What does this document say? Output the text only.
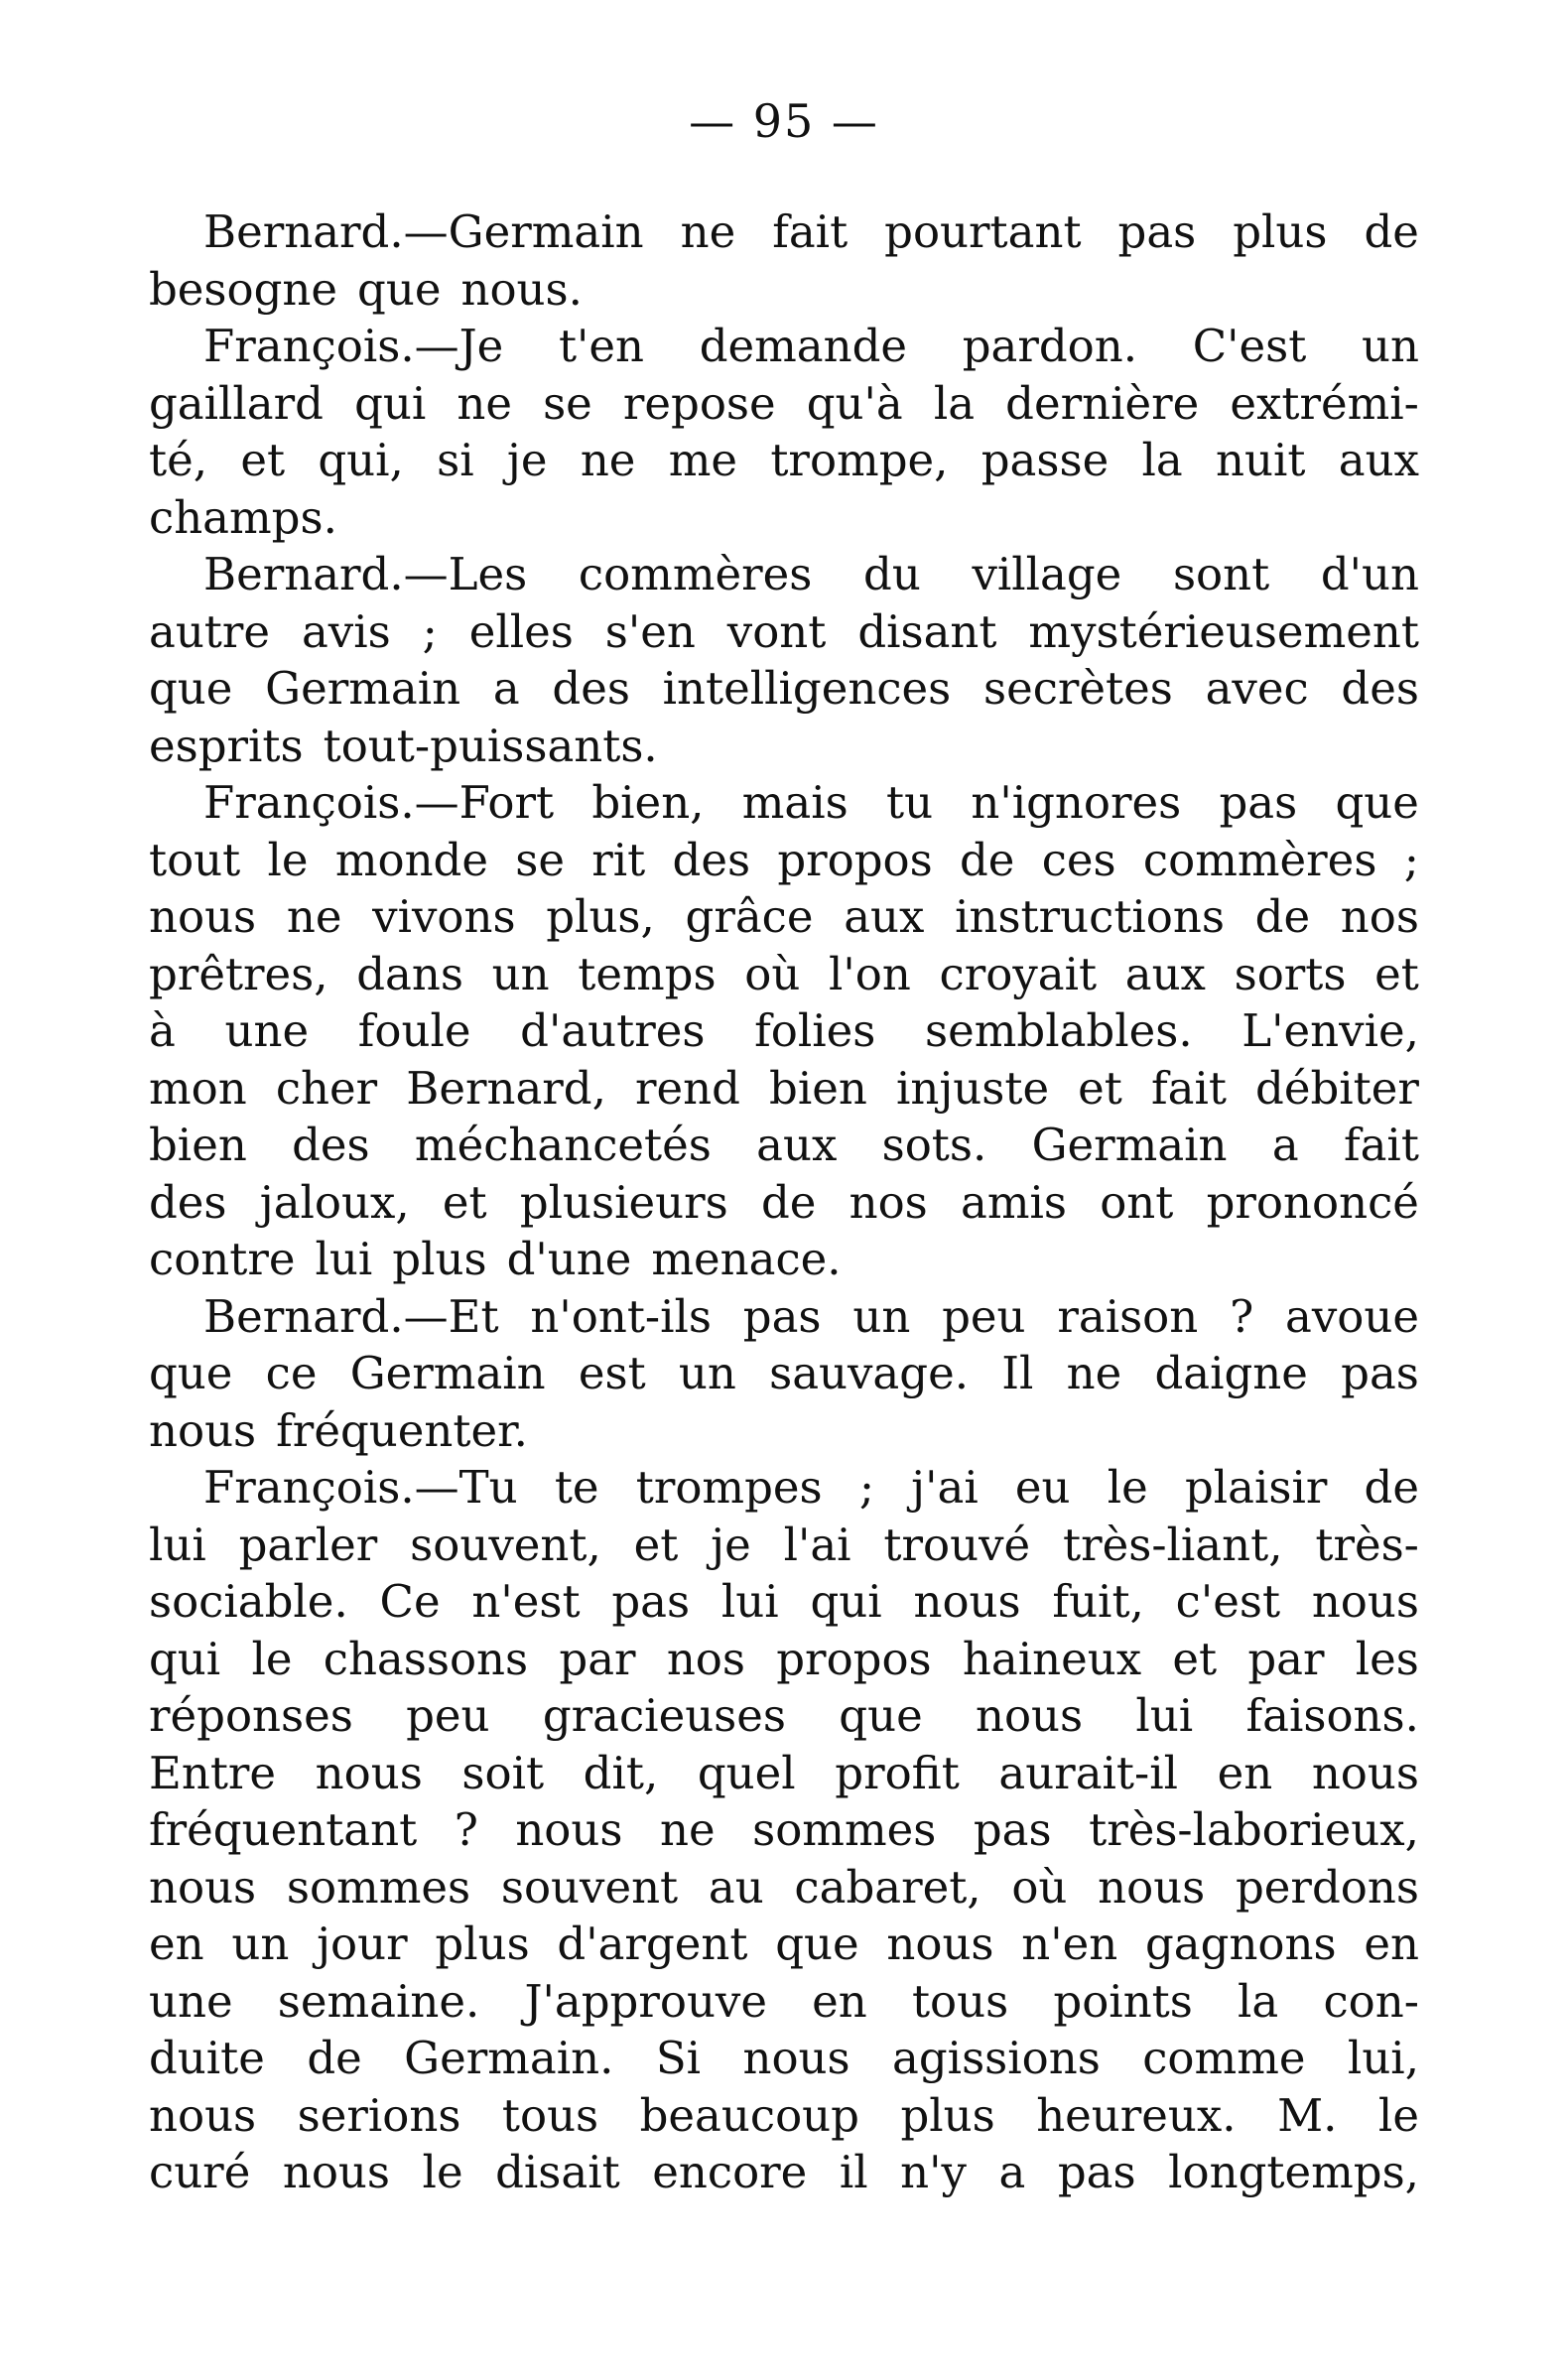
— 95 —
Bernard.—Germain ne fait pourtant pas plus de
besogne que nous.
François.—Je t'en demande pardon. C'est un
gaillard qui ne se repose qu'à la dernière extrémi-
té, et qui, si je ne me trompe, passe la nuit aux
champs.
Bernard.—Les commères du village sont d'un
autre avis ; elles s'en vont disant mystérieusement
que Germain a des intelligences secrètes avec des
esprits tout-puissants.
François.—Fort bien, mais tu n'ignores pas que
tout le monde se rit des propos de ces commères ;
nous ne vivons plus, grâce aux instructions de nos
prêtres, dans un temps où l'on croyait aux sorts et
à une foule d'autres folies semblables. L'envie,
mon cher Bernard, rend bien injuste et fait débiter
bien des méchancetés aux sots. Germain a fait
des jaloux, et plusieurs de nos amis ont prononcé
contre lui plus d'une menace.
Bernard.—Et n'ont-ils pas un peu raison ? avoue
que ce Germain est un sauvage. Il ne daigne pas
nous fréquenter.
François.—Tu te trompes ; j'ai eu le plaisir de
lui parler souvent, et je l'ai trouvé très-liant, très-
sociable. Ce n'est pas lui qui nous fuit, c'est nous
qui le chassons par nos propos haineux et par les
réponses peu gracieuses que nous lui faisons.
Entre nous soit dit, quel profit aurait-il en nous
fréquentant ? nous ne sommes pas très-laborieux,
nous sommes souvent au cabaret, où nous perdons
en un jour plus d'argent que nous n'en gagnons en
une semaine. J'approuve en tous points la con-
duite de Germain. Si nous agissions comme lui,
nous serions tous beaucoup plus heureux. M. le
curé nous le disait encore il n'y a pas longtemps,
